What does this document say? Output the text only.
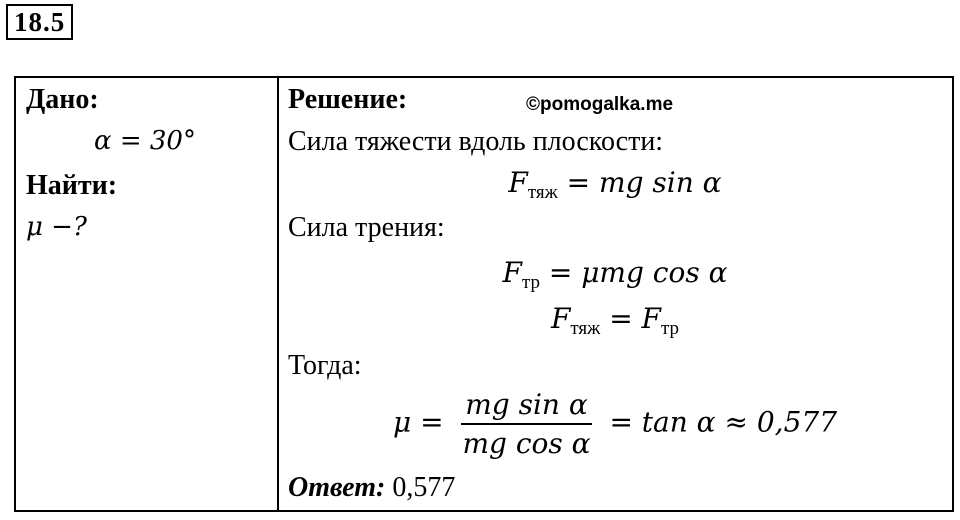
18.5
Дано:
α = 30°
Найти:
μ −?
Решение:	©pomogalka.me
Сила тяжести вдоль плоскости:
$F_{тяж}$ = mg sin α
Сила трения:
$F_{тр} = \mu mg$ cos α
$F_{тяж} = F_{тр}$
Тогда:
$\mu = \frac{\text{mg sin α}}{\text{mg cos α}} = \tan \alpha \approx 0,577$
Ответ: 0,577
